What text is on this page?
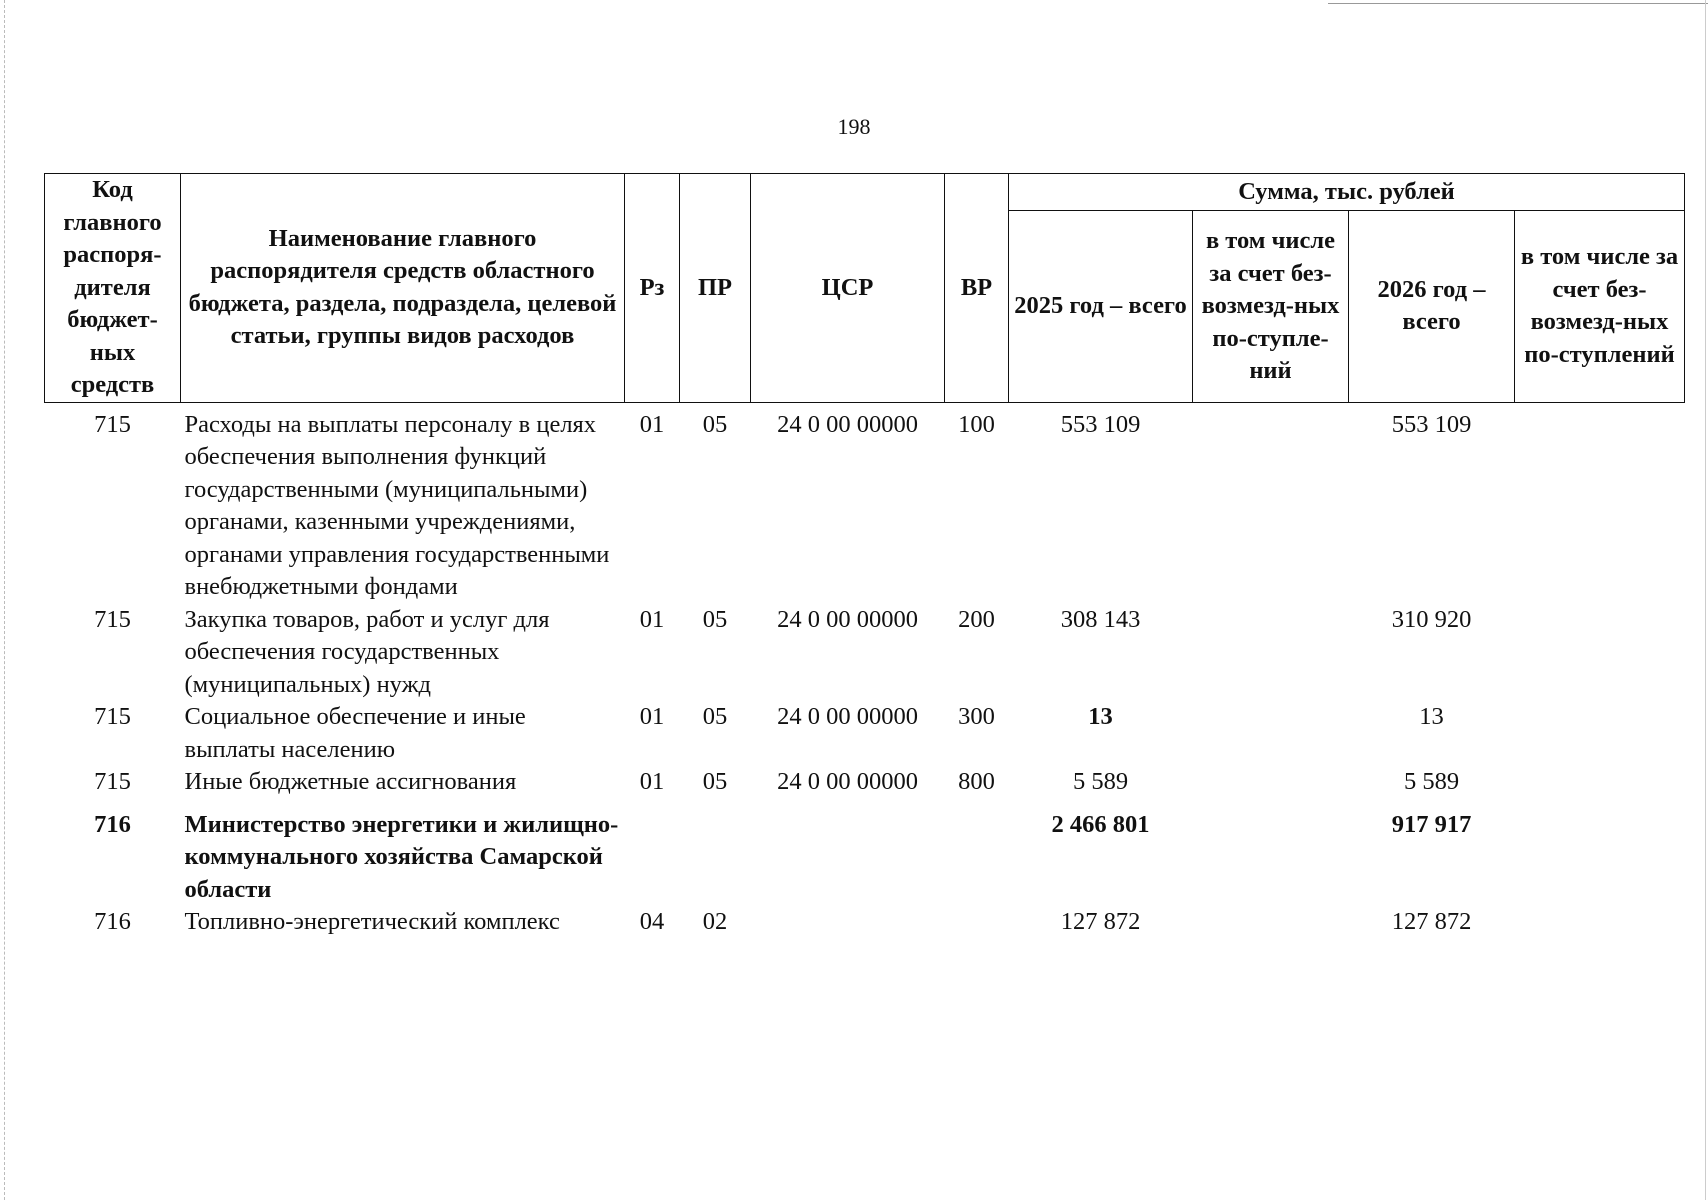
198
Код главного распоря-дителя бюджет-ных средств	Наименование главного распорядителя средств областного бюджета, раздела, подраздела, целевой статьи, группы видов расходов	Рз	ПР	ЦСР	ВР	Сумма, тыс. рублей			
						2025 год – всего	в том числе за счет без-возмезд-ных по-ступле-ний	2026 год – всего	в том числе за счет без-возмезд-ных по-ступлений
715	Расходы на выплаты персоналу в целях обеспечения выполнения функций государственными (муниципальными) органами, казенными учреждениями, органами управления государственными внебюджетными фондами	01	05	24 0 00 00000	100	553 109		553 109	
715	Закупка товаров, работ и услуг для обеспечения государственных (муниципальных) нужд	01	05	24 0 00 00000	200	308 143		310 920	
715	Социальное обеспечение и иные выплаты населению	01	05	24 0 00 00000	300	13		13	
715	Иные бюджетные ассигнования	01	05	24 0 00 00000	800	5 589		5 589	
716	Министерство энергетики и жилищно-коммунального хозяйства Самарской области					2 466 801		917 917	
716	Топливно-энергетический комплекс	04	02			127 872		127 872	
